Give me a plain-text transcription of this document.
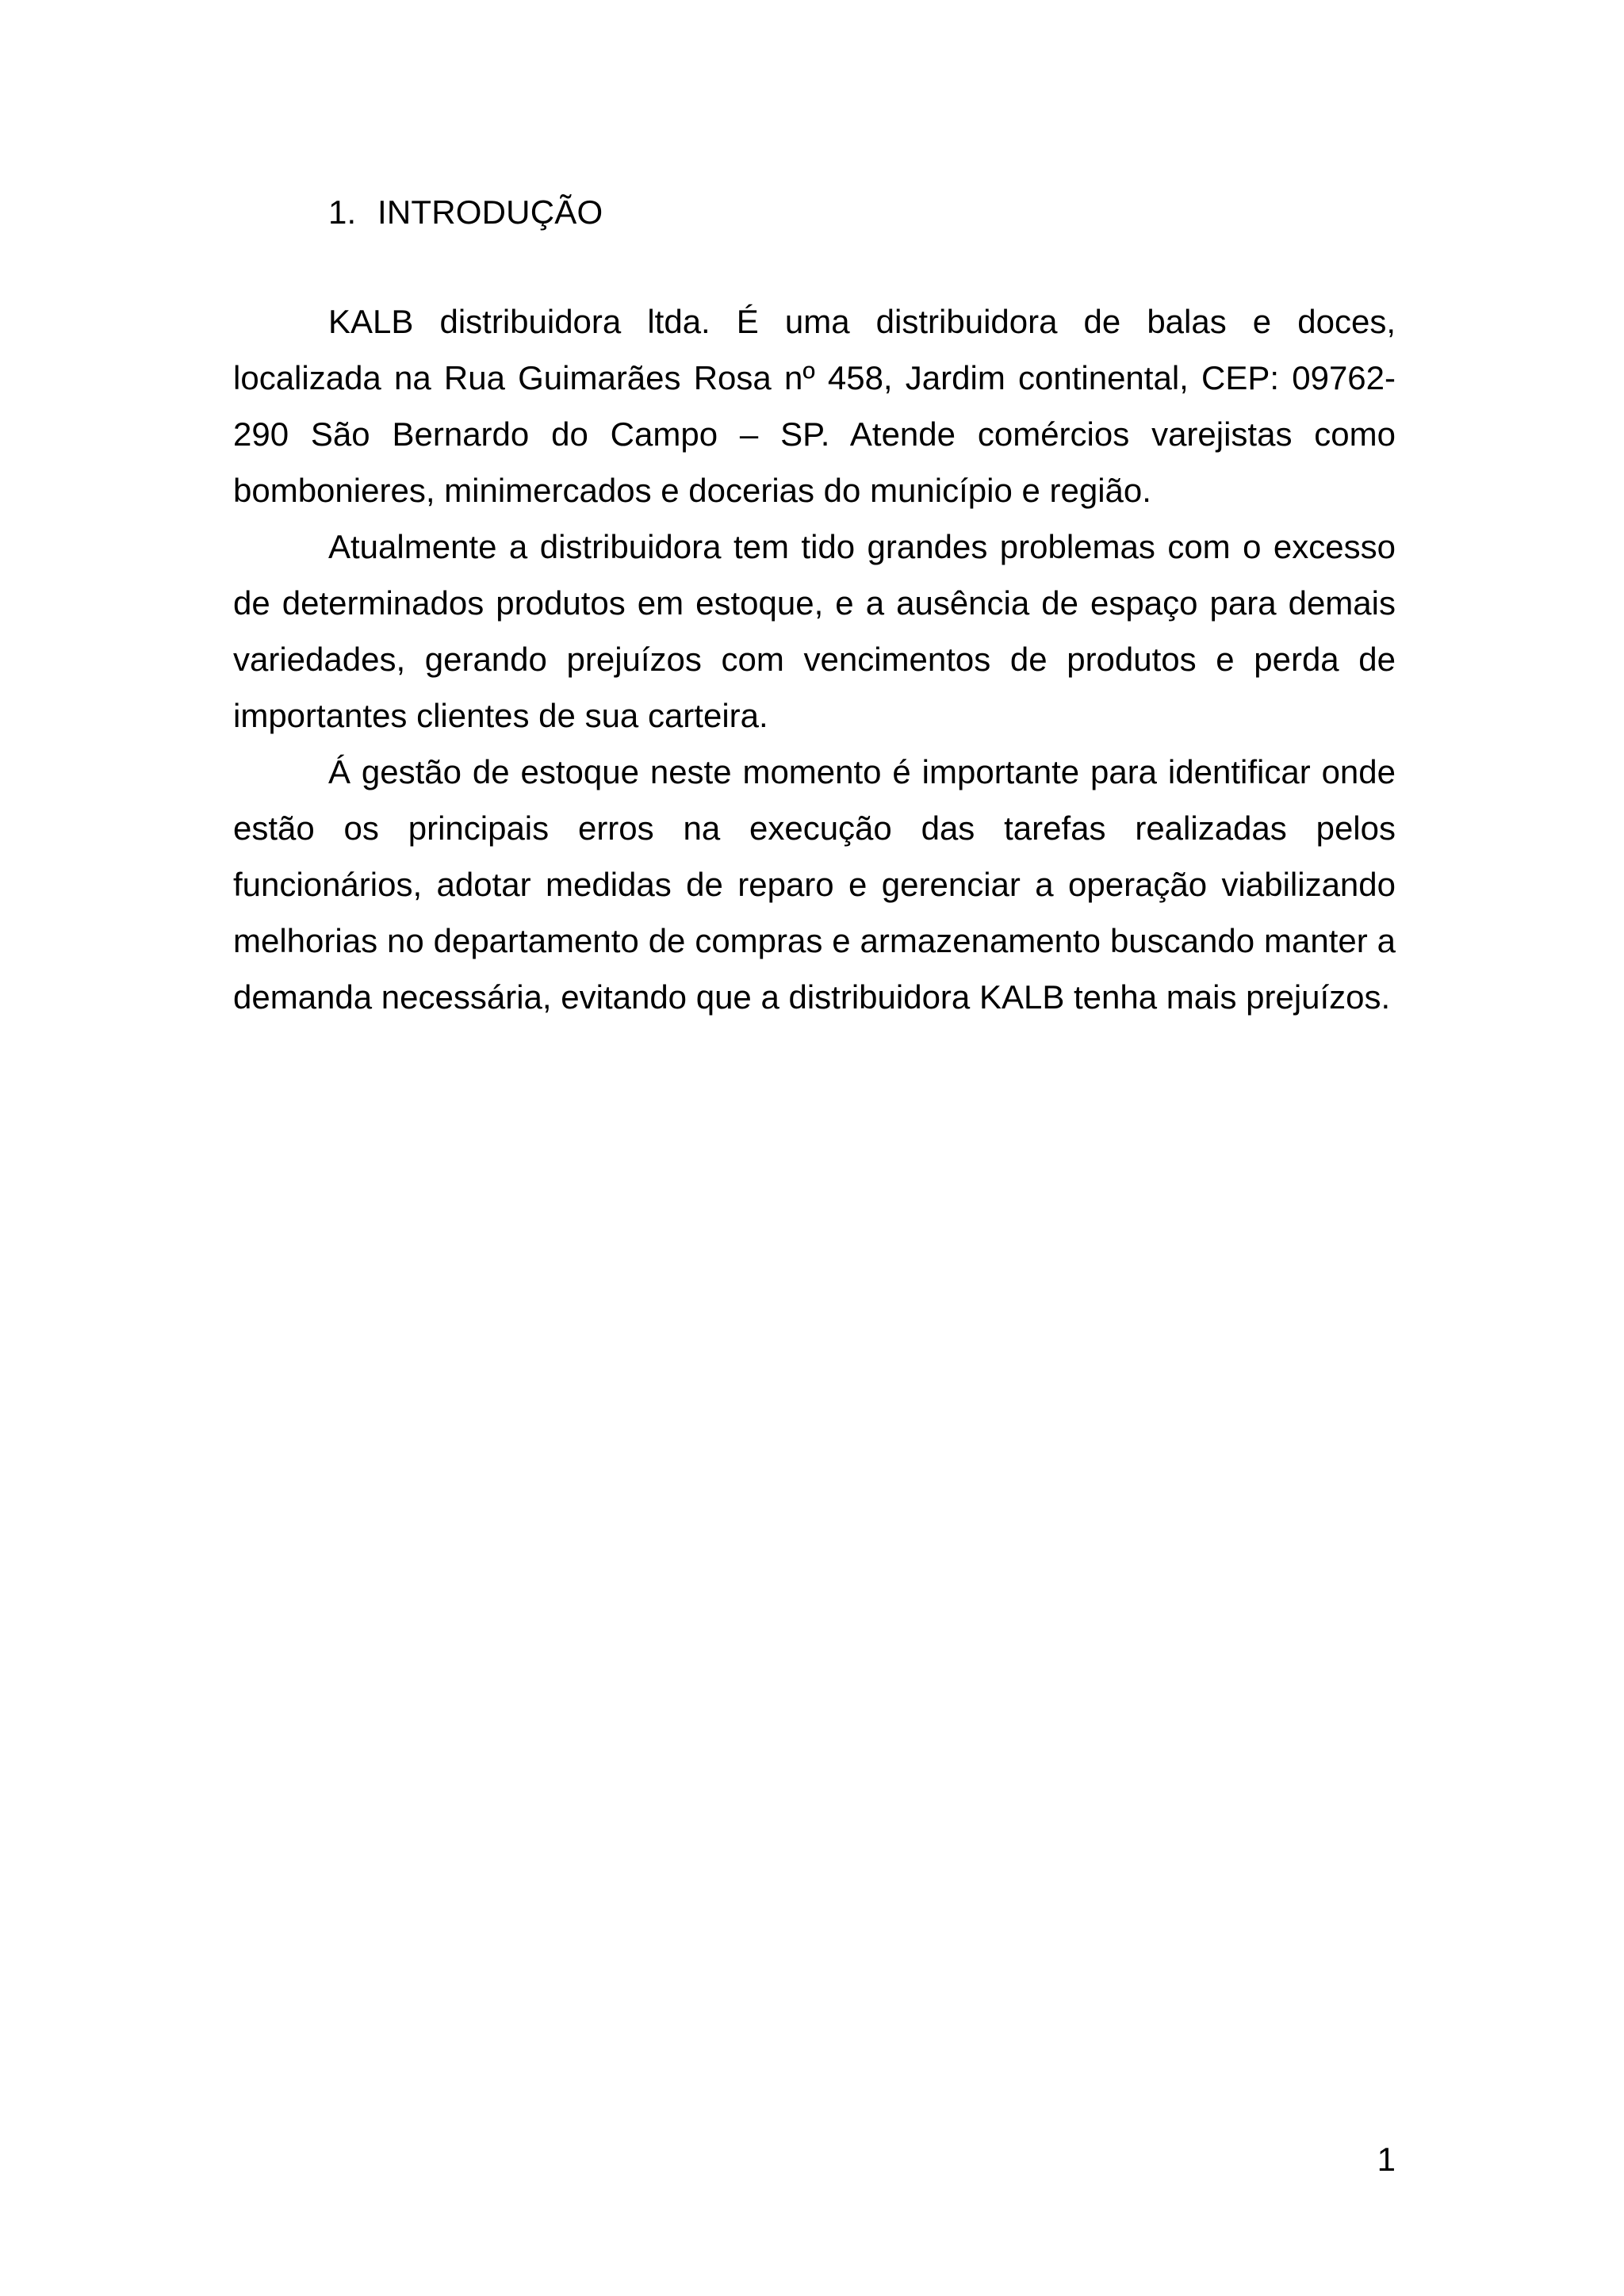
1. INTRODUÇÃO

KALB distribuidora ltda. É uma distribuidora de balas e doces, localizada na Rua Guimarães Rosa nº 458, Jardim continental, CEP: 09762-290 São Bernardo do Campo – SP. Atende comércios varejistas como bombonieres, minimercados e docerias do município e região.

Atualmente a distribuidora tem tido grandes problemas com o excesso de determinados produtos em estoque, e a ausência de espaço para demais variedades, gerando prejuízos com vencimentos de produtos e perda de importantes clientes de sua carteira.

Á gestão de estoque neste momento é importante para identificar onde estão os principais erros na execução das tarefas realizadas pelos funcionários, adotar medidas de reparo e gerenciar a operação viabilizando melhorias no departamento de compras e armazenamento buscando manter a demanda necessária, evitando que a distribuidora KALB tenha mais prejuízos.

1
